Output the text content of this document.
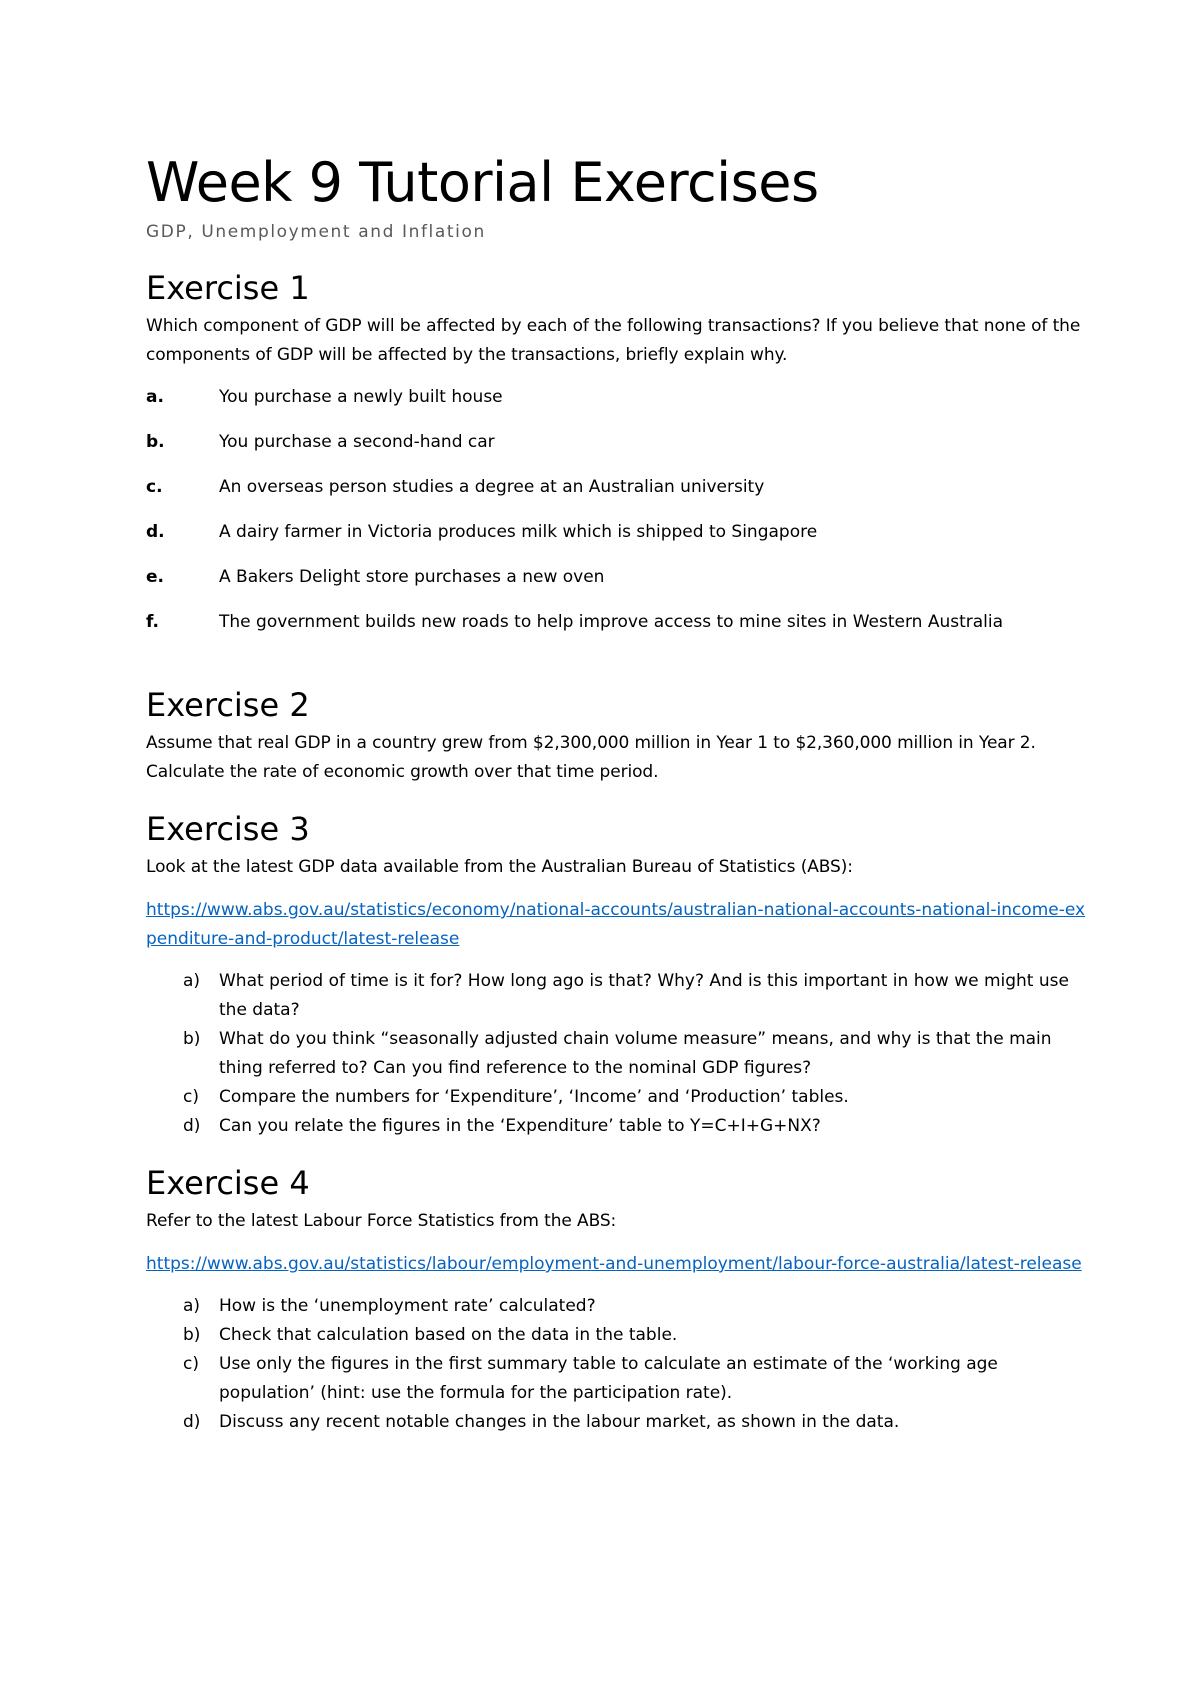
Week 9 Tutorial Exercises
GDP, Unemployment and Inflation
Exercise 1

Which component of GDP will be affected by each of the following transactions? If you believe that none of the components of GDP will be affected by the transactions, briefly explain why.

a.	You purchase a newly built house
b.	You purchase a second-hand car
c.	An overseas person studies a degree at an Australian university
d.	A dairy farmer in Victoria produces milk which is shipped to Singapore
e.	A Bakers Delight store purchases a new oven
f.	The government builds new roads to help improve access to mine sites in Western Australia
Exercise 2

Assume that real GDP in a country grew from $2,300,000 million in Year 1 to $2,360,000 million in Year 2. Calculate the rate of economic growth over that time period.

Exercise 3

Look at the latest GDP data available from the Australian Bureau of Statistics (ABS):

https://www.abs.gov.au/statistics/economy/national-accounts/australian-national-accounts-national-income-expenditure-and-product/latest-release

a) What period of time is it for? How long ago is that? Why? And is this important in how we might use the data?
b) What do you think “seasonally adjusted chain volume measure” means, and why is that the main thing referred to? Can you find reference to the nominal GDP figures?
c) Compare the numbers for ‘Expenditure’, ‘Income’ and ‘Production’ tables.
d) Can you relate the figures in the ‘Expenditure’ table to Y=C+I+G+NX?
Exercise 4

Refer to the latest Labour Force Statistics from the ABS:

https://www.abs.gov.au/statistics/labour/employment-and-unemployment/labour-force-australia/latest-release

a) How is the ‘unemployment rate’ calculated?
b) Check that calculation based on the data in the table.
c) Use only the figures in the first summary table to calculate an estimate of the ‘working age population’ (hint: use the formula for the participation rate).
d) Discuss any recent notable changes in the labour market, as shown in the data.
